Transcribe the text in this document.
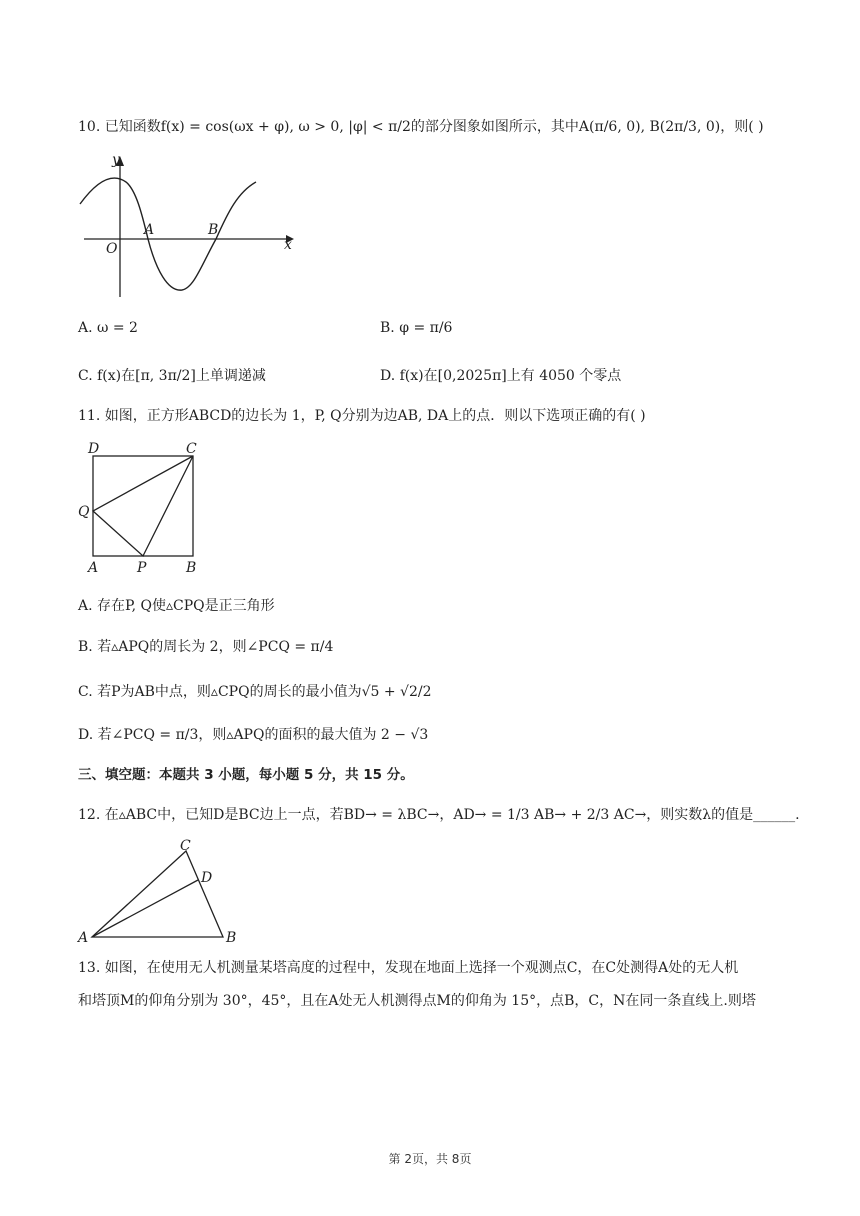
10. 已知函数f(x) = cos(ωx + φ), ω > 0, |φ| < π/2的部分图象如图所示，其中A(π/6, 0), B(2π/3, 0)，则( )
y
x
O
A	B
A. ω = 2	B. φ = π/6
C. f(x)在[π, 3π/2]上单调递减	D. f(x)在[0,2025π]上有 4050 个零点
11. 如图，正方形ABCD的边长为 1，P, Q分别为边AB, DA上的点．则以下选项正确的有( )
D	C
Q
A	P	B
A. 存在P, Q使▵CPQ是正三角形
B. 若▵APQ的周长为 2，则∠PCQ = π/4
C. 若P为AB中点，则▵CPQ的周长的最小值为√5 + √2/2
D. 若∠PCQ = π/3，则▵APQ的面积的最大值为 2 − √3
三、填空题：本题共 3 小题，每小题 5 分，共 15 分。
12. 在▵ABC中，已知D是BC边上一点，若BD→ = λBC→，AD→ = 1/3 AB→ + 2/3 AC→，则实数λ的值是______.
C
D
A	B
13. 如图，在使用无人机测量某塔高度的过程中，发现在地面上选择一个观测点C，在C处测得A处的无人机
和塔顶M的仰角分别为 30°，45°，且在A处无人机测得点M的仰角为 15°，点B，C，N在同一条直线上.则塔
第 2页，共 8页
